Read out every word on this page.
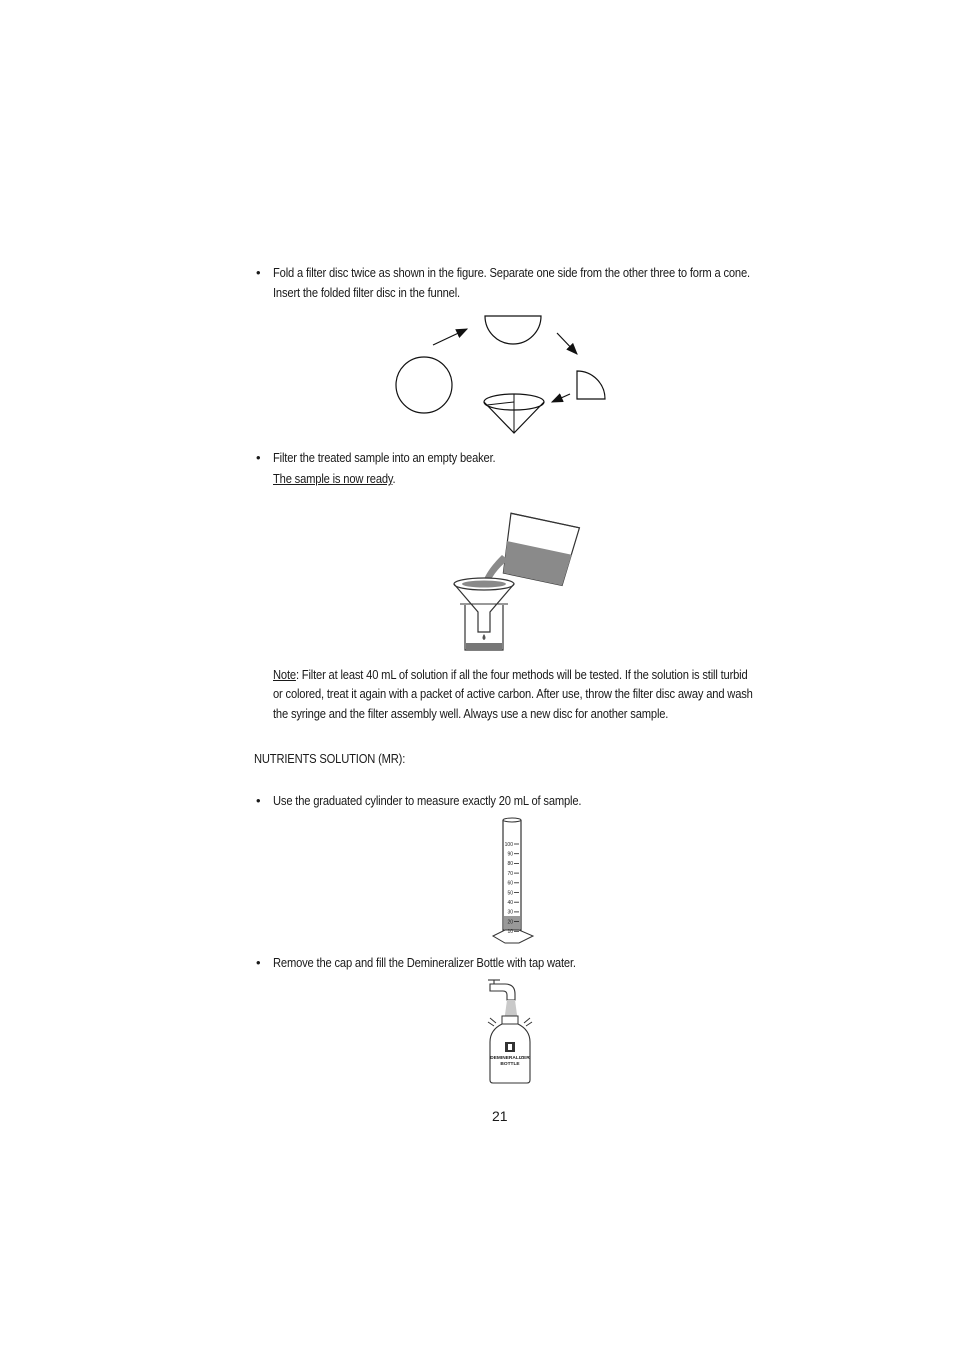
• Fold a filter disc twice as shown in the figure. Separate one side from the other three to form a cone.
Insert the folded filter disc in the funnel.
• Filter the treated sample into an empty beaker.
The sample is now ready.
Note: Filter at least 40 mL of solution if all the four methods will be tested. If the solution is still turbid
or colored, treat it again with a packet of active carbon. After use, throw the filter disc away and wash
the syringe and the filter assembly well. Always use a new disc for another sample.
NUTRIENTS SOLUTION (MR):
• Use the graduated cylinder to measure exactly 20 mL of sample.
100
90
80
70
60
50
40
30
20
10
• Remove the cap and fill the Demineralizer Bottle with tap water.
DEMINERALIZER
BOTTLE
21
